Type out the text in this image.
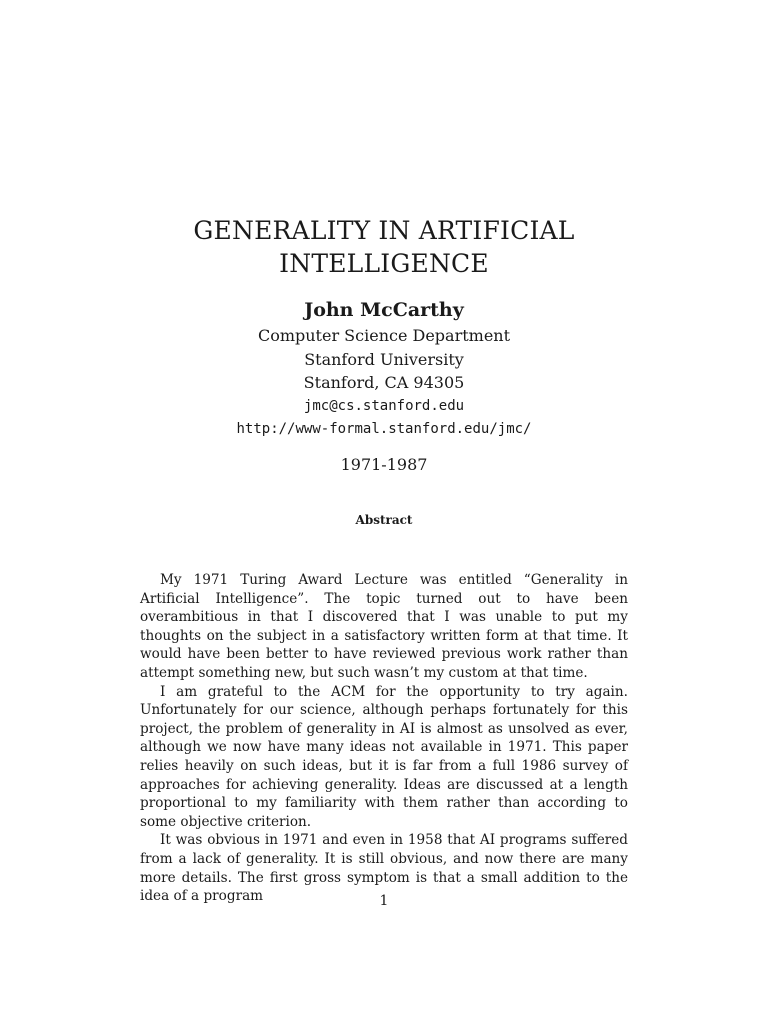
GENERALITY IN ARTIFICIAL
INTELLIGENCE
John McCarthy
Computer Science Department
Stanford University
Stanford, CA 94305
jmc@cs.stanford.edu
http://www-formal.stanford.edu/jmc/
1971-1987
Abstract

My 1971 Turing Award Lecture was entitled “Generality in Artificial Intelligence”. The topic turned out to have been overambitious in that I discovered that I was unable to put my thoughts on the subject in a satisfactory written form at that time. It would have been better to have reviewed previous work rather than attempt something new, but such wasn’t my custom at that time.

I am grateful to the ACM for the opportunity to try again. Unfortunately for our science, although perhaps fortunately for this project, the problem of generality in AI is almost as unsolved as ever, although we now have many ideas not available in 1971. This paper relies heavily on such ideas, but it is far from a full 1986 survey of approaches for achieving generality. Ideas are discussed at a length proportional to my familiarity with them rather than according to some objective criterion.

It was obvious in 1971 and even in 1958 that AI programs suffered from a lack of generality. It is still obvious, and now there are many more details. The first gross symptom is that a small addition to the idea of a program	1
